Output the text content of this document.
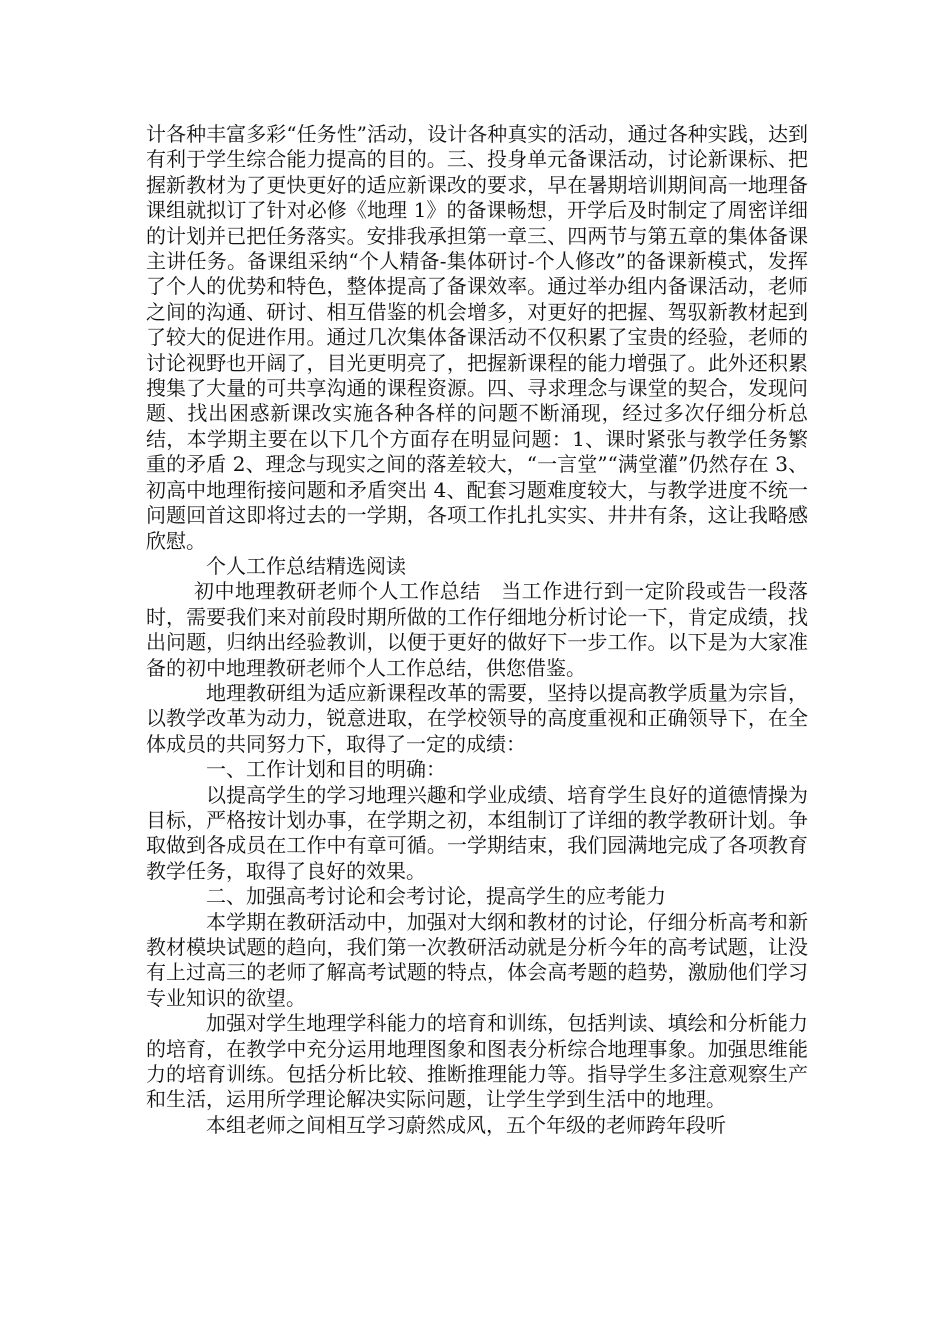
计各种丰富多彩“任务性”活动，设计各种真实的活动，通过各种实践，达到有利于学生综合能力提高的目的。三、投身单元备课活动，讨论新课标、把握新教材为了更快更好的适应新课改的要求，早在暑期培训期间高一地理备课组就拟订了针对必修《地理 1》的备课畅想，开学后及时制定了周密详细的计划并已把任务落实。安排我承担第一章三、四两节与第五章的集体备课主讲任务。备课组采纳“个人精备-集体研讨-个人修改”的备课新模式，发挥了个人的优势和特色，整体提高了备课效率。通过举办组内备课活动，老师之间的沟通、研讨、相互借鉴的机会增多，对更好的把握、驾驭新教材起到了较大的促进作用。通过几次集体备课活动不仅积累了宝贵的经验，老师的讨论视野也开阔了，目光更明亮了，把握新课程的能力增强了。此外还积累搜集了大量的可共享沟通的课程资源。四、寻求理念与课堂的契合，发现问题、找出困惑新课改实施各种各样的问题不断涌现，经过多次仔细分析总结，本学期主要在以下几个方面存在明显问题：1、课时紧张与教学任务繁重的矛盾 2、理念与现实之间的落差较大，“一言堂”“满堂灌”仍然存在 3、初高中地理衔接问题和矛盾突出 4、配套习题难度较大，与教学进度不统一问题回首这即将过去的一学期，各项工作扎扎实实、井井有条，这让我略感欣慰。

个人工作总结精选阅读

初中地理教研老师个人工作总结　当工作进行到一定阶段或告一段落时，需要我们来对前段时期所做的工作仔细地分析讨论一下，肯定成绩，找出问题，归纳出经验教训，以便于更好的做好下一步工作。以下是为大家准备的初中地理教研老师个人工作总结，供您借鉴。

地理教研组为适应新课程改革的需要，坚持以提高教学质量为宗旨，以教学改革为动力，锐意进取，在学校领导的高度重视和正确领导下，在全体成员的共同努力下，取得了一定的成绩：

一、工作计划和目的明确：

以提高学生的学习地理兴趣和学业成绩、培育学生良好的道德情操为目标，严格按计划办事，在学期之初，本组制订了详细的教学教研计划。争取做到各成员在工作中有章可循。一学期结束，我们园满地完成了各项教育教学任务，取得了良好的效果。

二、加强高考讨论和会考讨论，提高学生的应考能力

本学期在教研活动中，加强对大纲和教材的讨论，仔细分析高考和新教材模块试题的趋向，我们第一次教研活动就是分析今年的高考试题，让没有上过高三的老师了解高考试题的特点，体会高考题的趋势，激励他们学习专业知识的欲望。

加强对学生地理学科能力的培育和训练，包括判读、填绘和分析能力的培育，在教学中充分运用地理图象和图表分析综合地理事象。加强思维能力的培育训练。包括分析比较、推断推理能力等。指导学生多注意观察生产和生活，运用所学理论解决实际问题，让学生学到生活中的地理。

本组老师之间相互学习蔚然成风，五个年级的老师跨年段听
